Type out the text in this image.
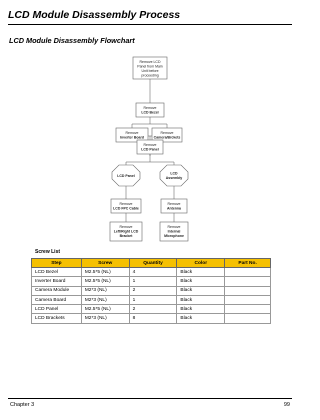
LCD Module Disassembly Process
LCD Module Disassembly Flowchart
Remove LCD
Panel from Main
Unit before
proceeding
Remove
LCD Bezel
Remove
Inverter Board
Remove
Camera/Brckets
Remove
LCD Panel
LCD Panel
LCD
Assembly
Remove
LCD FPC Cable
Remove
Antenna
Remove
Left/Right LCD
Bracket
Remove
Internal
Microphone
Screw List
Step	Screw	Quantity	Color	Part No.
LCD Bezel	M2.5*5 (NL)	4	Black	
Inverter Board	M2.5*5 (NL)	1	Black	
Camera Module	M2*3 (NL)	2	Black	
Camera Board	M2*3 (NL)	1	Black	
LCD Panel	M2.5*5 (NL)	2	Black	
LCD Brackets	M2*3 (NL)	8	Black	
Chapter 3	99
